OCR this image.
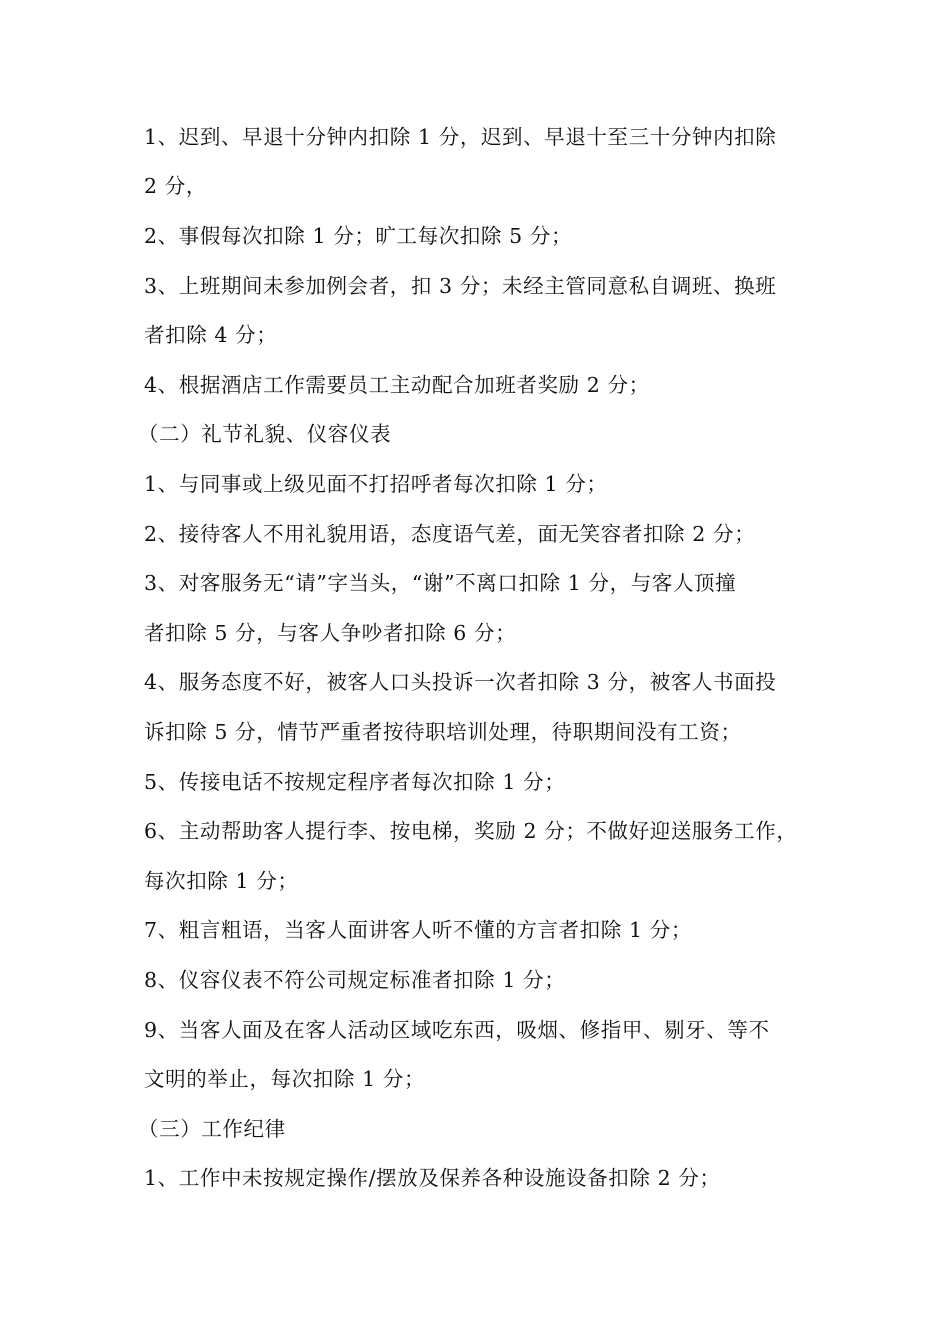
1、迟到、早退十分钟内扣除 1 分，迟到、早退十至三十分钟内扣除
2 分，
2、事假每次扣除 1 分；旷工每次扣除 5 分；
3、上班期间未参加例会者，扣 3 分；未经主管同意私自调班、换班
者扣除 4 分；
4、根据酒店工作需要员工主动配合加班者奖励 2 分；
（二）礼节礼貌、仪容仪表
1、与同事或上级见面不打招呼者每次扣除 1 分；
2、接待客人不用礼貌用语，态度语气差，面无笑容者扣除 2 分；
3、对客服务无“请”字当头，“谢”不离口扣除 1 分，与客人顶撞
者扣除 5 分，与客人争吵者扣除 6 分；
4、服务态度不好，被客人口头投诉一次者扣除 3 分，被客人书面投
诉扣除 5 分，情节严重者按待职培训处理，待职期间没有工资；
5、传接电话不按规定程序者每次扣除 1 分；
6、主动帮助客人提行李、按电梯，奖励 2 分；不做好迎送服务工作，
每次扣除 1 分；
7、粗言粗语，当客人面讲客人听不懂的方言者扣除 1 分；
8、仪容仪表不符公司规定标准者扣除 1 分；
9、当客人面及在客人活动区域吃东西，吸烟、修指甲、剔牙、等不
文明的举止，每次扣除 1 分；
（三）工作纪律
1、工作中未按规定操作/摆放及保养各种设施设备扣除 2 分；
